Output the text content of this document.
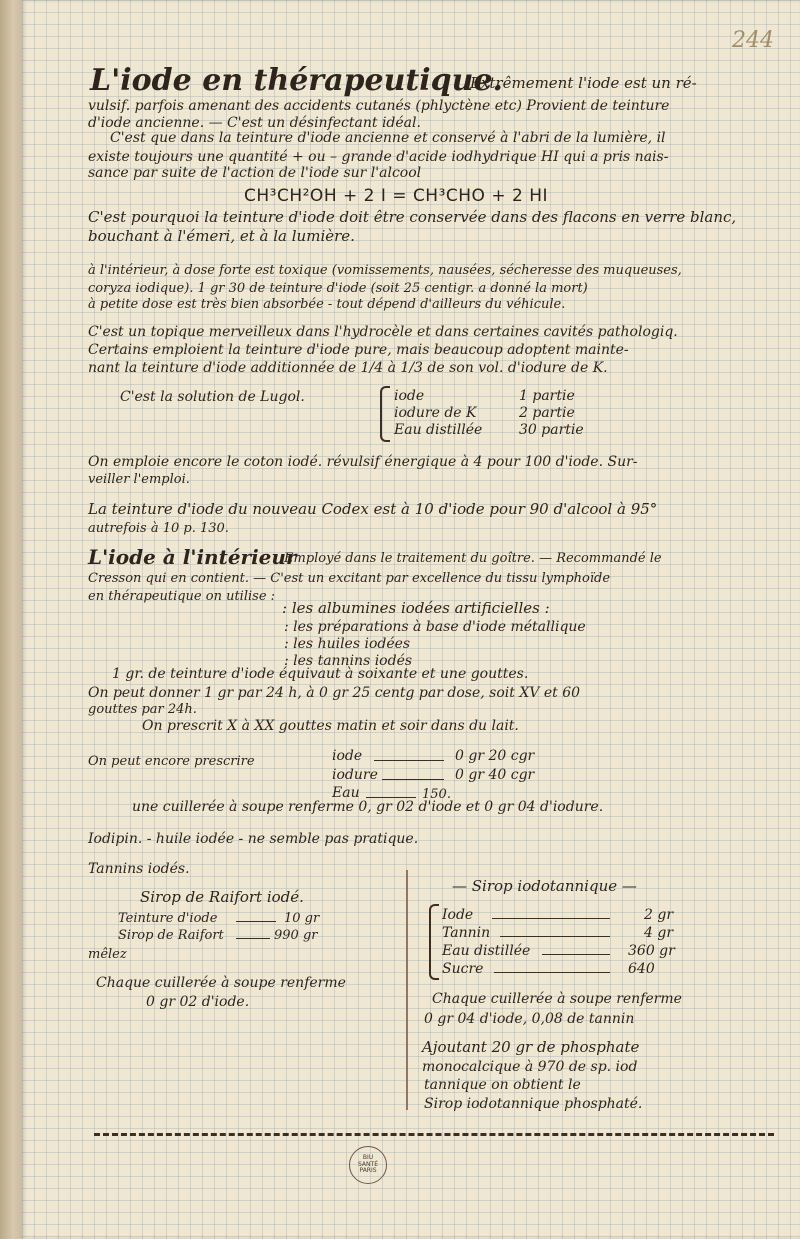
244
L'iode en thérapeutique.
Extrêmement l'iode est un ré-
vulsif. parfois amenant des accidents cutanés (phlyctène etc) Provient de teinture
d'iode ancienne. — C'est un désinfectant idéal.
C'est que dans la teinture d'iode ancienne et conservé à l'abri de la lumière, il
existe toujours une quantité + ou – grande d'acide iodhydrique HI qui a pris nais-
sance par suite de l'action de l'iode sur l'alcool
CH³CH²OH + 2 I = CH³CHO + 2 HI
C'est pourquoi la teinture d'iode doit être conservée dans des flacons en verre blanc,
bouchant à l'émeri, et à la lumière.
à l'intérieur, à dose forte est toxique (vomissements, nausées, sécheresse des muqueuses,
coryza iodique). 1 gr 30 de teinture d'iode (soit 25 centigr. a donné la mort)
à petite dose est très bien absorbée - tout dépend d'ailleurs du véhicule.
C'est un topique merveilleux dans l'hydrocèle et dans certaines cavités pathologiq.
Certains emploient la teinture d'iode pure, mais beaucoup adoptent mainte-
nant la teinture d'iode additionnée de 1/4 à 1/3 de son vol. d'iodure de K.
C'est la solution de Lugol.	iode	1 partie
iodure de K	2 partie
Eau distillée	30 partie
On emploie encore le coton iodé. révulsif énergique à 4 pour 100 d'iode. Sur-
veiller l'emploi.
La teinture d'iode du nouveau Codex est à 10 d'iode pour 90 d'alcool à 95°
autrefois à 10 p. 130.
L'iode à l'intérieur
Employé dans le traitement du goître. — Recommandé le
Cresson qui en contient. — C'est un excitant par excellence du tissu lymphoïde
en thérapeutique on utilise :
: les albumines iodées artificielles :
: les préparations à base d'iode métallique
: les huiles iodées
: les tannins iodés
1 gr. de teinture d'iode équivaut à soixante et une gouttes.
On peut donner 1 gr par 24 h, à 0 gr 25 centg par dose, soit XV et 60
gouttes par 24h.
On prescrit X à XX gouttes matin et soir dans du lait.
On peut encore prescrire	iode	0 gr 20 cgr
iodure	0 gr 40 cgr
Eau	150.
une cuillerée à soupe renferme 0, gr 02 d'iode et 0 gr 04 d'iodure.
Iodipin. - huile iodée - ne semble pas pratique.
Tannins iodés.
Sirop de Raifort iodé.
Teinture d'iode	10 gr
Sirop de Raifort	990 gr
mêlez
Chaque cuillerée à soupe renferme
0 gr 02 d'iode.
— Sirop iodotannique —
Iode	2 gr
Tannin	4 gr
Eau distillée	360 gr
Sucre	640
Chaque cuillerée à soupe renferme
0 gr 04 d'iode, 0,08 de tannin
Ajoutant 20 gr de phosphate
monocalcique à 970 de sp. iod
tannique on obtient le
Sirop iodotannique phosphaté.
BIU
SANTÉ
PARIS
